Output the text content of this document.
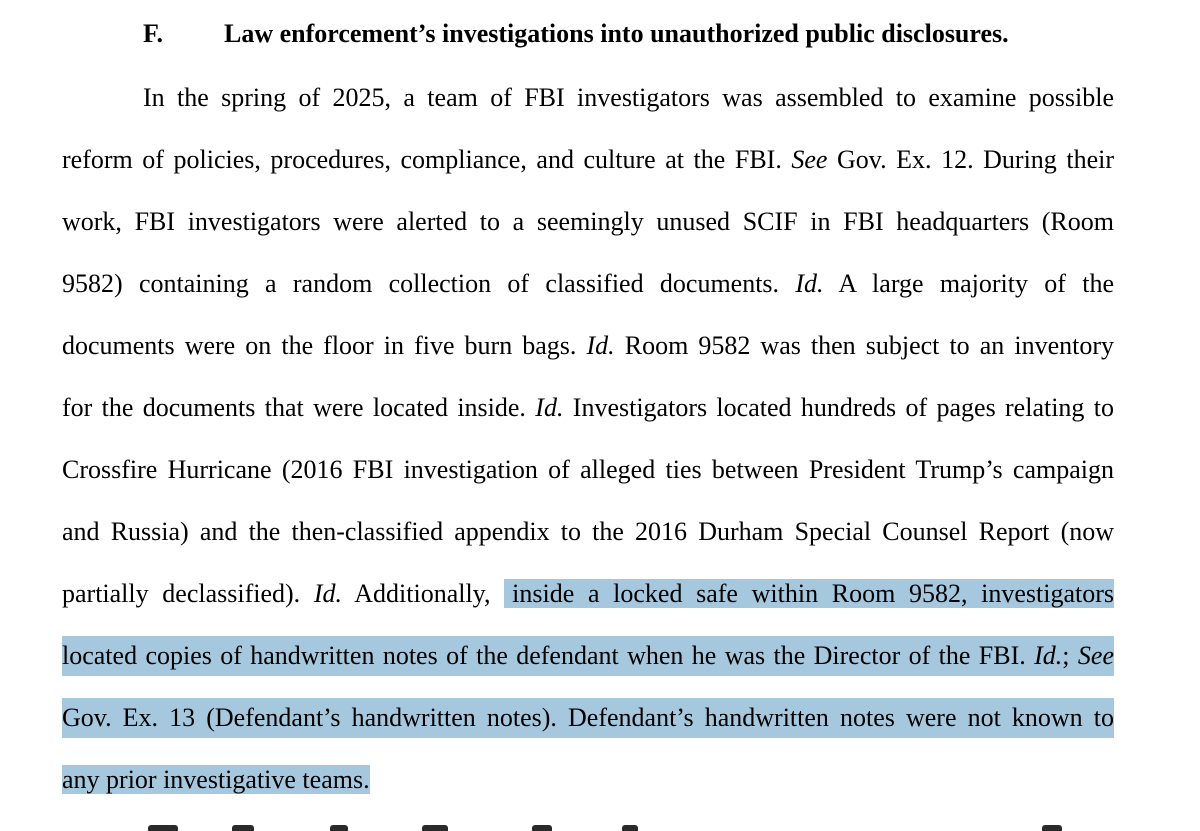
F. Law enforcement’s investigations into unauthorized public disclosures.
In the spring of 2025, a team of FBI investigators was assembled to examine possible
reform of policies, procedures, compliance, and culture at the FBI. See Gov. Ex. 12. During their
work, FBI investigators were alerted to a seemingly unused SCIF in FBI headquarters (Room
9582) containing a random collection of classified documents. Id. A large majority of the
documents were on the floor in five burn bags. Id. Room 9582 was then subject to an inventory
for the documents that were located inside. Id. Investigators located hundreds of pages relating to
Crossfire Hurricane (2016 FBI investigation of alleged ties between President Trump’s campaign
and Russia) and the then-classified appendix to the 2016 Durham Special Counsel Report (now
partially declassified). Id. Additionally, inside a locked safe within Room 9582, investigators
located copies of handwritten notes of the defendant when he was the Director of the FBI. Id.; See
Gov. Ex. 13 (Defendant’s handwritten notes). Defendant’s handwritten notes were not known to
any prior investigative teams.
